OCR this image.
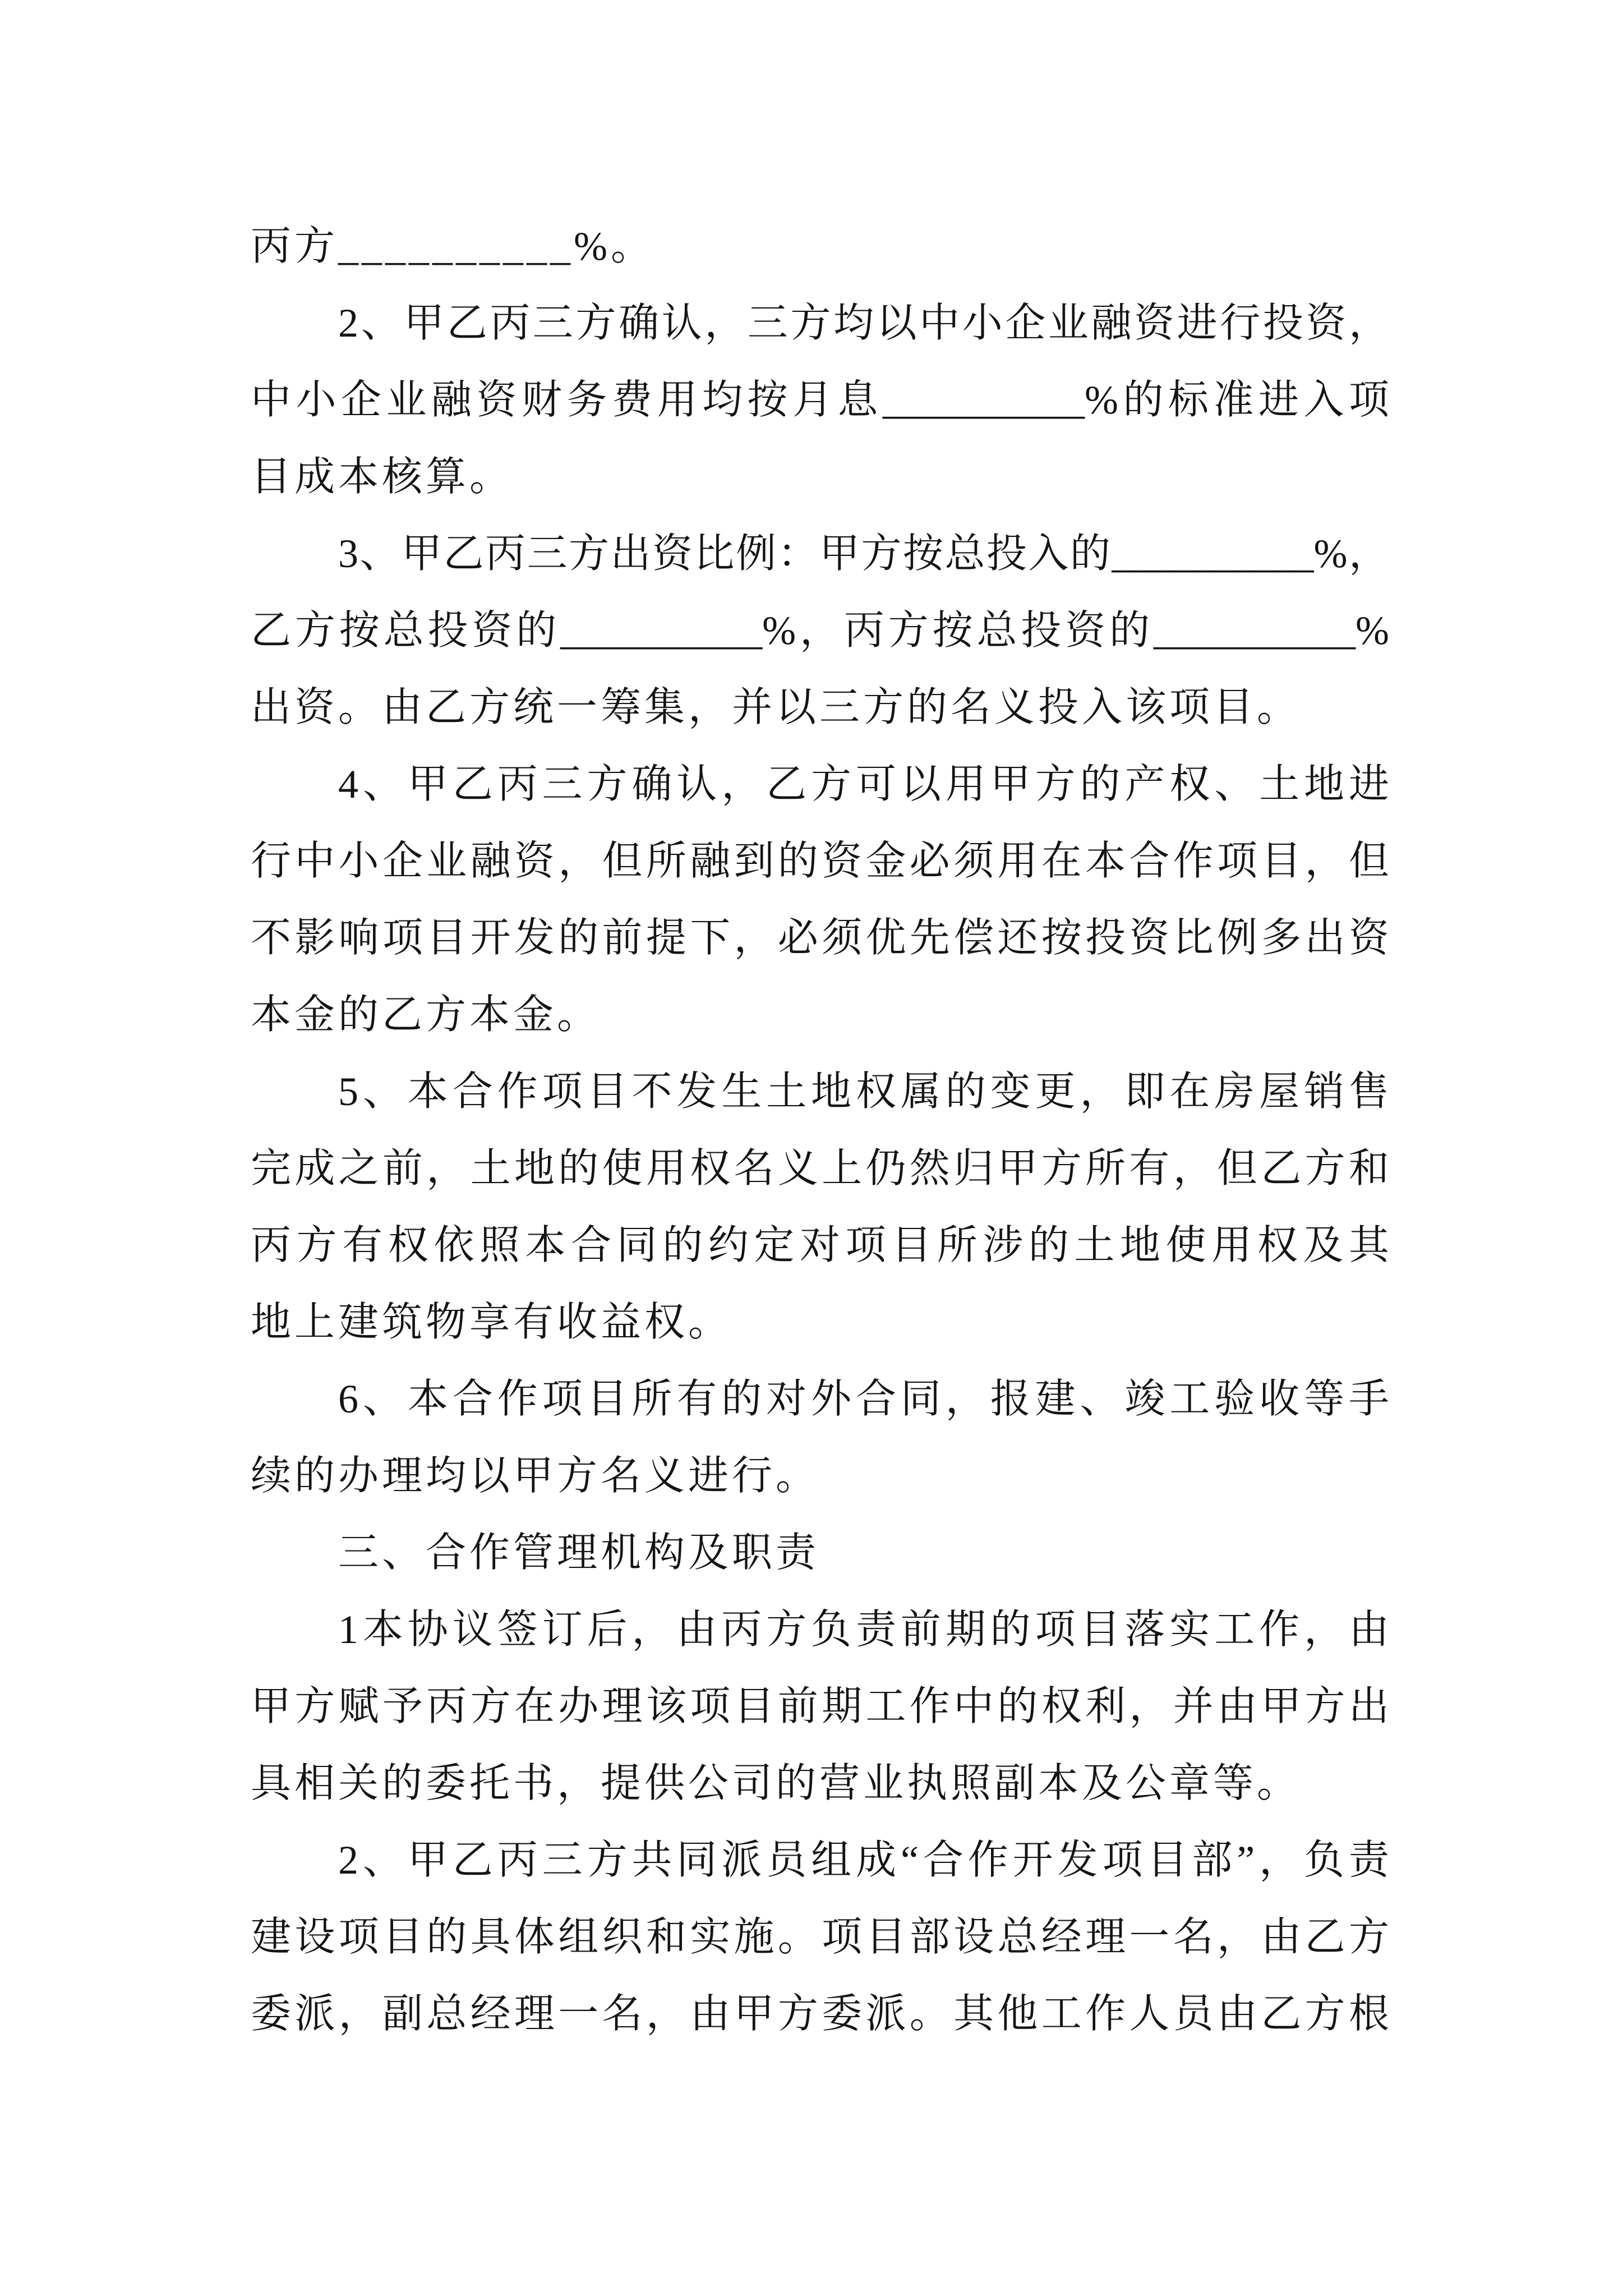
丙方__________%。
2、甲乙丙三方确认，三方均以中小企业融资进行投资，
中小企业融资财务费用均按月息__________%的标准进入项
目成本核算。
3、甲乙丙三方出资比例：甲方按总投入的__________%，
乙方按总投资的__________%，丙方按总投资的__________%
出资。由乙方统一筹集，并以三方的名义投入该项目。
4、甲乙丙三方确认，乙方可以用甲方的产权、土地进
行中小企业融资，但所融到的资金必须用在本合作项目，但
不影响项目开发的前提下，必须优先偿还按投资比例多出资
本金的乙方本金。
5、本合作项目不发生土地权属的变更，即在房屋销售
完成之前，土地的使用权名义上仍然归甲方所有，但乙方和
丙方有权依照本合同的约定对项目所涉的土地使用权及其
地上建筑物享有收益权。
6、本合作项目所有的对外合同，报建、竣工验收等手
续的办理均以甲方名义进行。
三、合作管理机构及职责
1本协议签订后，由丙方负责前期的项目落实工作，由
甲方赋予丙方在办理该项目前期工作中的权利，并由甲方出
具相关的委托书，提供公司的营业执照副本及公章等。
2、甲乙丙三方共同派员组成“合作开发项目部”，负责
建设项目的具体组织和实施。项目部设总经理一名，由乙方
委派，副总经理一名，由甲方委派。其他工作人员由乙方根
